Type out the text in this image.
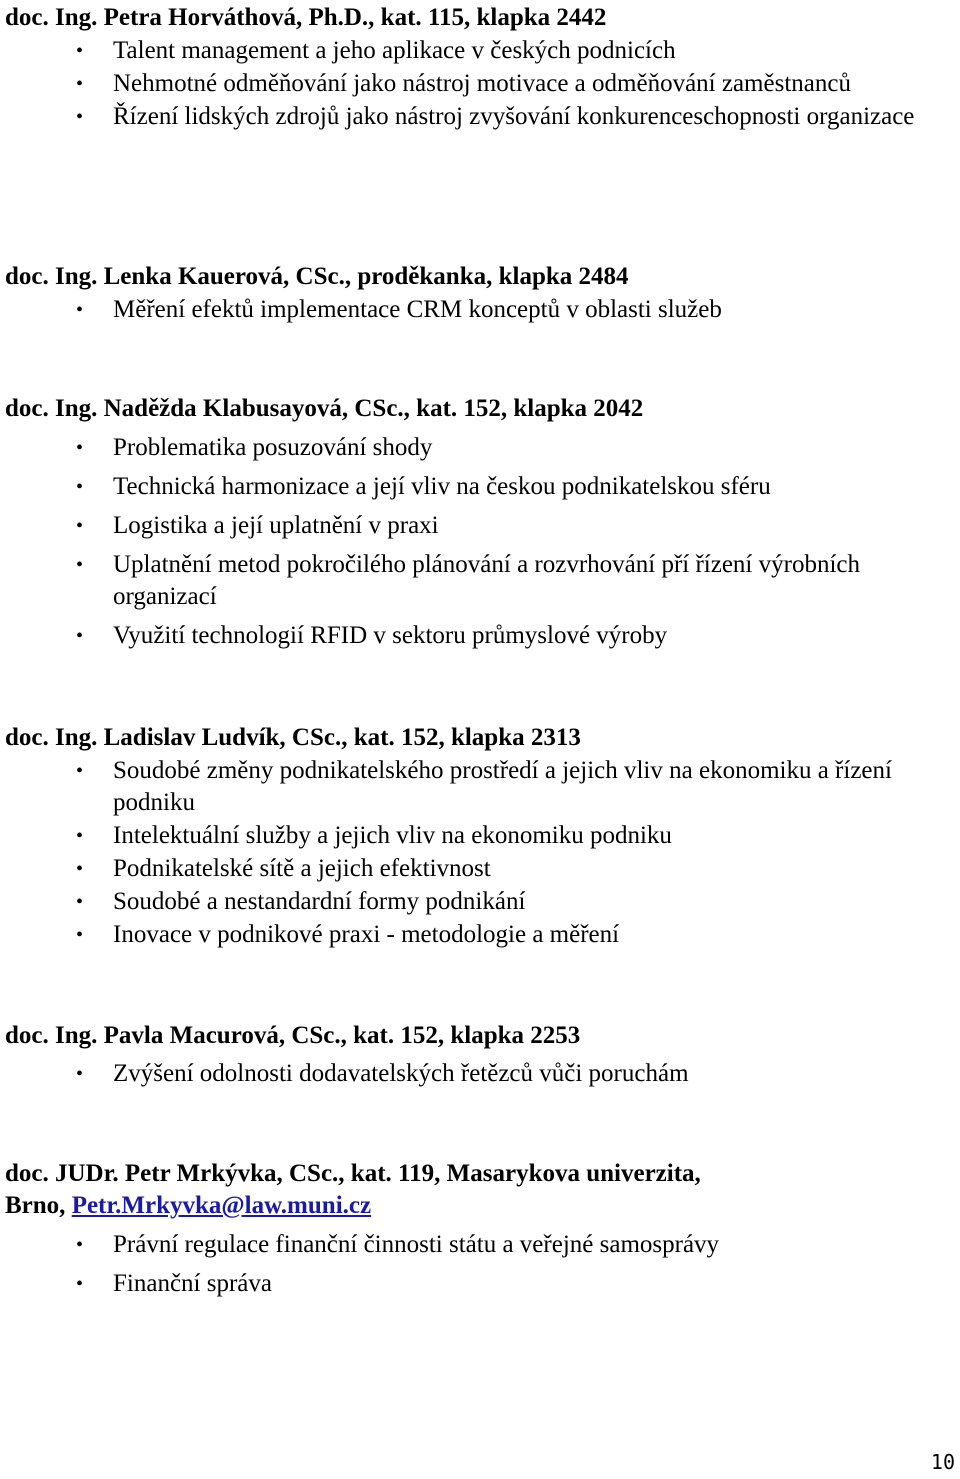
doc. Ing. Petra Horváthová, Ph.D., kat. 115, klapka 2442

• Talent management a jeho aplikace v českých podnicích
• Nehmotné odměňování jako nástroj motivace a odměňování zaměstnanců
• Řízení lidských zdrojů jako nástroj zvyšování konkurenceschopnosti organizace

doc. Ing. Lenka Kauerová, CSc., proděkanka, klapka 2484

• Měření efektů implementace CRM konceptů v oblasti služeb

doc. Ing. Naděžda Klabusayová, CSc., kat. 152, klapka 2042

• Problematika posuzování shody
• Technická harmonizace a její vliv na českou podnikatelskou sféru
• Logistika a její uplatnění v praxi
• Uplatnění metod pokročilého plánování a rozvrhování pří řízení výrobních organizací
• Využití technologií RFID v sektoru průmyslové výroby

doc. Ing. Ladislav Ludvík, CSc., kat. 152, klapka 2313

• Soudobé změny podnikatelského prostředí a jejich vliv na ekonomiku a řízení podniku
• Intelektuální služby a jejich vliv na ekonomiku podniku
• Podnikatelské sítě a jejich efektivnost
• Soudobé a nestandardní formy podnikání
• Inovace v podnikové praxi - metodologie a měření

doc. Ing. Pavla Macurová, CSc., kat. 152, klapka 2253

• Zvýšení odolnosti dodavatelských řetězců vůči poruchám

doc. JUDr. Petr Mrkývka, CSc., kat. 119, Masarykova univerzita,

Brno, Petr.Mrkyvka@law.muni.cz

• Právní regulace finanční činnosti státu a veřejné samosprávy
• Finanční správa
10
